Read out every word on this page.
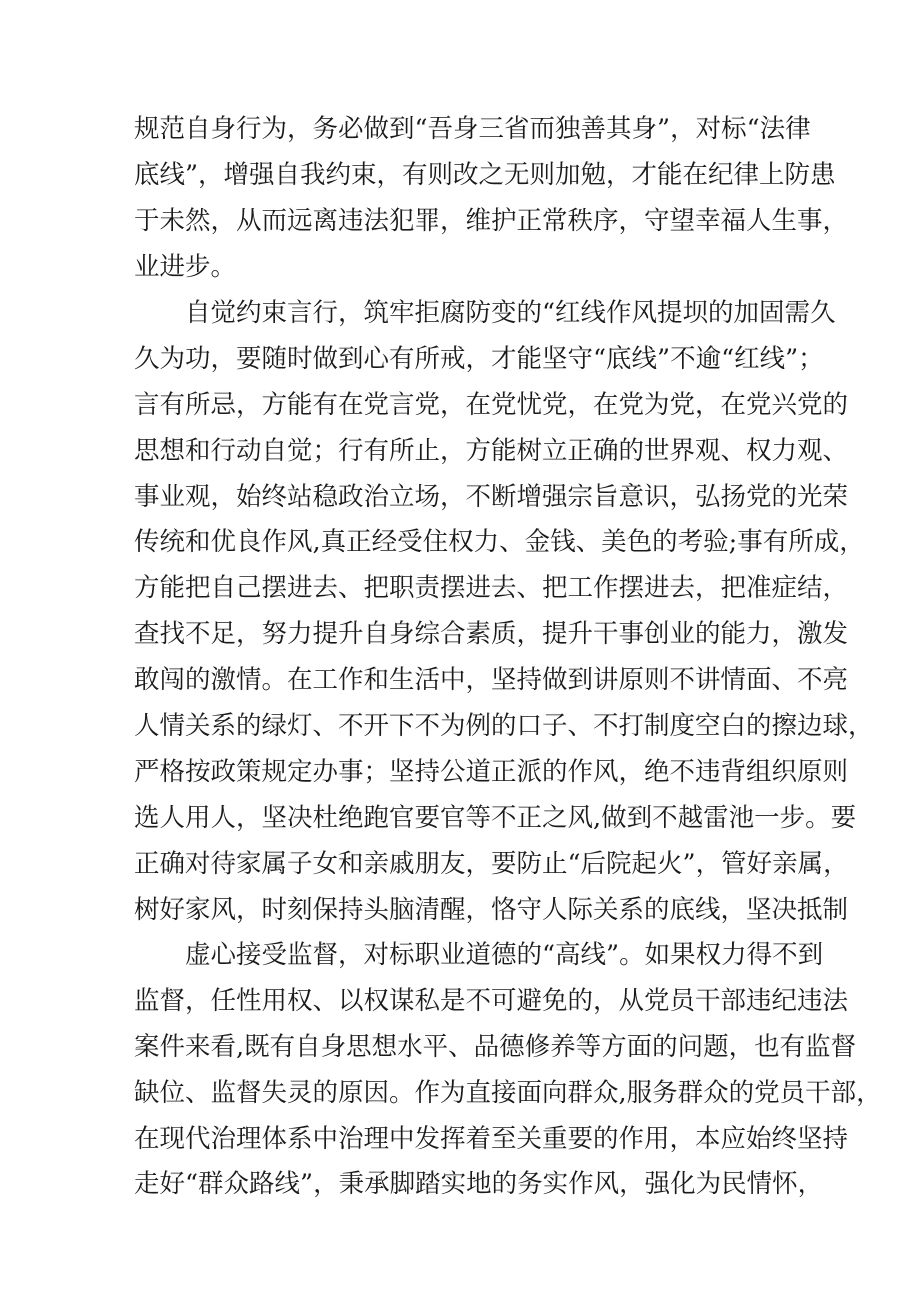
规范自身行为，务必做到“吾身三省而独善其身”，对标“法律
底线”，增强自我约束，有则改之无则加勉，才能在纪律上防患
于未然，从而远离违法犯罪，维护正常秩序，守望幸福人生事，
业进步。
自觉约束言行，筑牢拒腐防变的“红线作风提坝的加固需久
久为功，要随时做到心有所戒，才能坚守“底线”不逾“红线”；
言有所忌，方能有在党言党，在党忧党，在党为党，在党兴党的
思想和行动自觉；行有所止，方能树立正确的世界观、权力观、
事业观，始终站稳政治立场，不断增强宗旨意识，弘扬党的光荣
传统和优良作风,真正经受住权力、金钱、美色的考验;事有所成，
方能把自己摆进去、把职责摆进去、把工作摆进去，把准症结，
查找不足，努力提升自身综合素质，提升干事创业的能力，激发
敢闯的激情。在工作和生活中，坚持做到讲原则不讲情面、不亮
人情关系的绿灯、不开下不为例的口子、不打制度空白的擦边球，
严格按政策规定办事；坚持公道正派的作风，绝不违背组织原则
选人用人，坚决杜绝跑官要官等不正之风,做到不越雷池一步。要
正确对待家属子女和亲戚朋友，要防止“后院起火”，管好亲属，
树好家风，时刻保持头脑清醒，恪守人际关系的底线，坚决抵制
虚心接受监督，对标职业道德的“高线”。如果权力得不到
监督，任性用权、以权谋私是不可避免的，从党员干部违纪违法
案件来看,既有自身思想水平、品德修养等方面的问题，也有监督
缺位、监督失灵的原因。作为直接面向群众,服务群众的党员干部，
在现代治理体系中治理中发挥着至关重要的作用，本应始终坚持
走好“群众路线”，秉承脚踏实地的务实作风，强化为民情怀，
